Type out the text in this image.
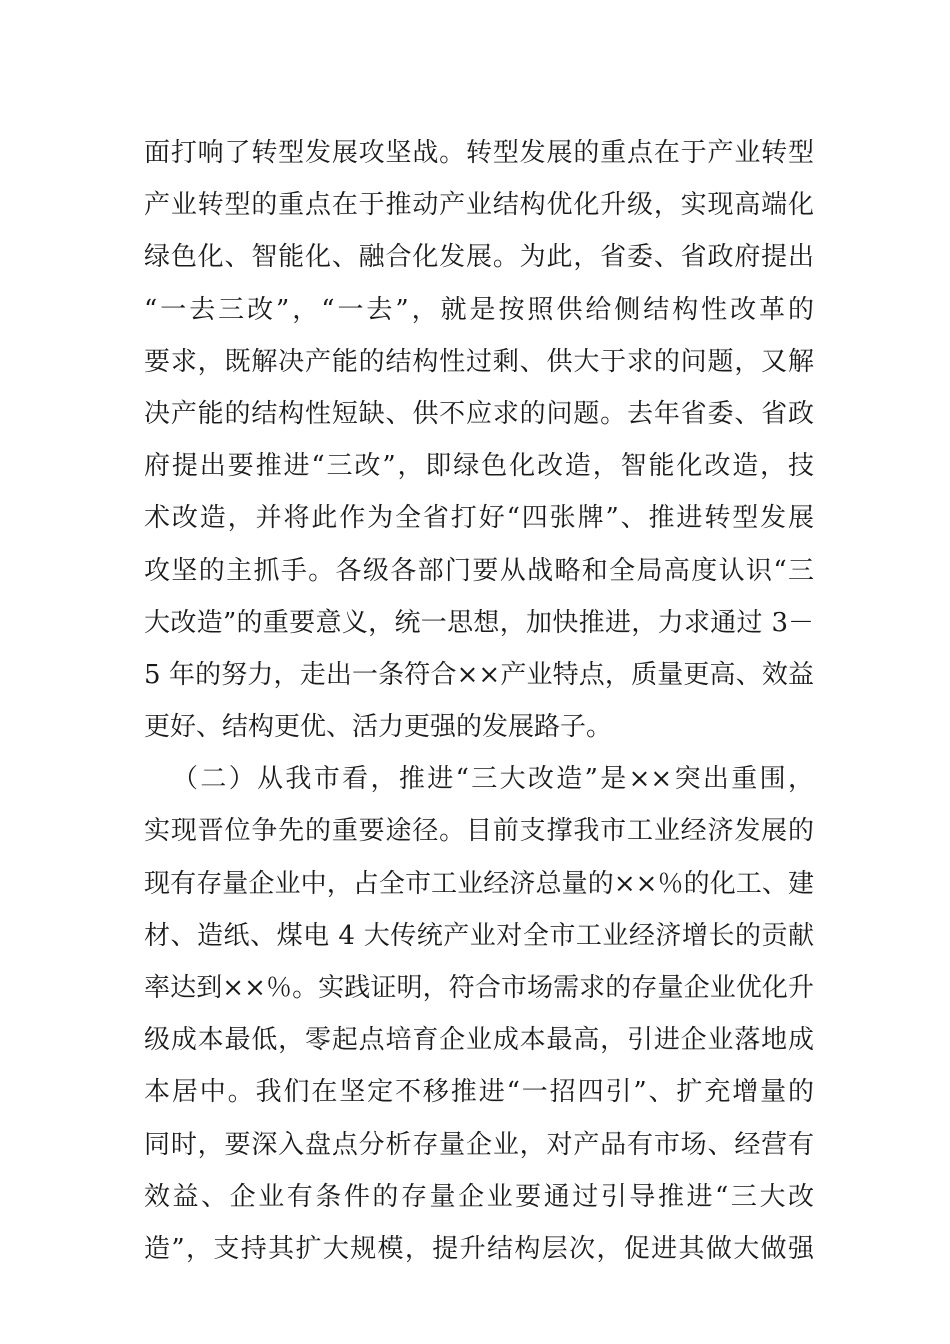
面打响了转型发展攻坚战。转型发展的重点在于产业转型
产业转型的重点在于推动产业结构优化升级，实现高端化
绿色化、智能化、融合化发展。为此，省委、省政府提出
“一去三改”，“一去”，就是按照供给侧结构性改革的
要求，既解决产能的结构性过剩、供大于求的问题，又解
决产能的结构性短缺、供不应求的问题。去年省委、省政
府提出要推进“三改”，即绿色化改造，智能化改造，技
术改造，并将此作为全省打好“四张牌”、推进转型发展
攻坚的主抓手。各级各部门要从战略和全局高度认识“三
大改造”的重要意义，统一思想，加快推进，力求通过 3－
5 年的努力，走出一条符合××产业特点，质量更高、效益
更好、结构更优、活力更强的发展路子。
（二）从我市看，推进“三大改造”是××突出重围，
实现晋位争先的重要途径。目前支撑我市工业经济发展的
现有存量企业中，占全市工业经济总量的××％的化工、建
材、造纸、煤电 4 大传统产业对全市工业经济增长的贡献
率达到××％。实践证明，符合市场需求的存量企业优化升
级成本最低，零起点培育企业成本最高，引进企业落地成
本居中。我们在坚定不移推进“一招四引”、扩充增量的
同时，要深入盘点分析存量企业，对产品有市场、经营有
效益、企业有条件的存量企业要通过引导推进“三大改
造”，支持其扩大规模，提升结构层次，促进其做大做强
